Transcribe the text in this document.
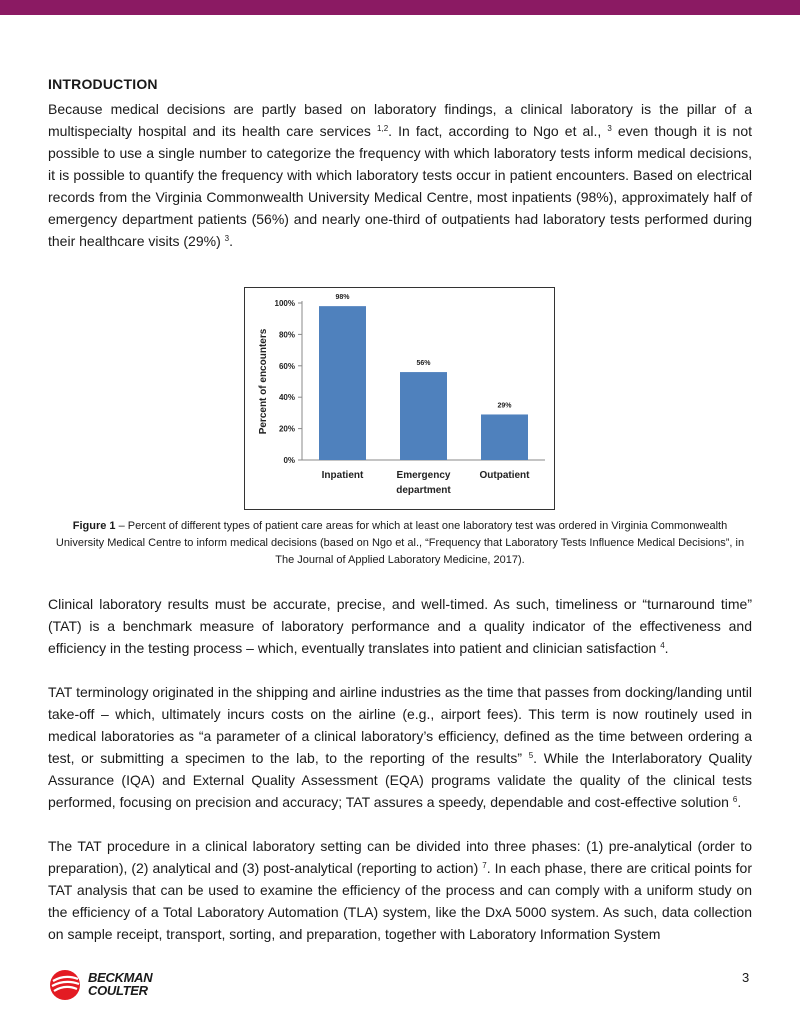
INTRODUCTION

Because medical decisions are partly based on laboratory findings, a clinical laboratory is the pillar of a multispecialty hospital and its health care services $^{1,2}$. In fact, according to Ngo et al., $^3$ even though it is not possible to use a single number to categorize the frequency with which laboratory tests inform medical decisions, it is possible to quantify the frequency with which laboratory tests occur in patient encounters. Based on electrical records from the Virginia Commonwealth University Medical Centre, most inpatients (98%), approximately half of emergency department patients (56%) and nearly one-third of outpatients had laboratory tests performed during their healthcare visits (29%) $^3$.

0%
20%
40%
60%
80%
100%
Percent of encounters
98%
Inpatient
56%
Emergency
department
29%
Outpatient
Figure 1 – Percent of different types of patient care areas for which at least one laboratory test was ordered in Virginia Commonwealth University Medical Centre to inform medical decisions (based on Ngo et al., “Frequency that Laboratory Tests Influence Medical Decisions”, in The Journal of Applied Laboratory Medicine, 2017).

Clinical laboratory results must be accurate, precise, and well-timed. As such, timeliness or “turnaround time” (TAT) is a benchmark measure of laboratory performance and a quality indicator of the effectiveness and efficiency in the testing process – which, eventually translates into patient and clinician satisfaction $^4$.

TAT terminology originated in the shipping and airline industries as the time that passes from docking/landing until take-off – which, ultimately incurs costs on the airline (e.g., airport fees). This term is now routinely used in medical laboratories as “a parameter of a clinical laboratory’s efficiency, defined as the time between ordering a test, or submitting a specimen to the lab, to the reporting of the results” $^5$. While the Interlaboratory Quality Assurance (IQA) and External Quality Assessment (EQA) programs validate the quality of the clinical tests performed, focusing on precision and accuracy; TAT assures a speedy, dependable and cost-effective solution $^6$.

The TAT procedure in a clinical laboratory setting can be divided into three phases: (1) pre-analytical (order to preparation), (2) analytical and (3) post-analytical (reporting to action) $^7$. In each phase, there are critical points for TAT analysis that can be used to examine the efficiency of the process and can comply with a uniform study on the efficiency of a Total Laboratory Automation (TLA) system, like the DxA 5000 system. As such, data collection on sample receipt, transport, sorting, and preparation, together with Laboratory Information System

BECKMAN
COULTER
3
